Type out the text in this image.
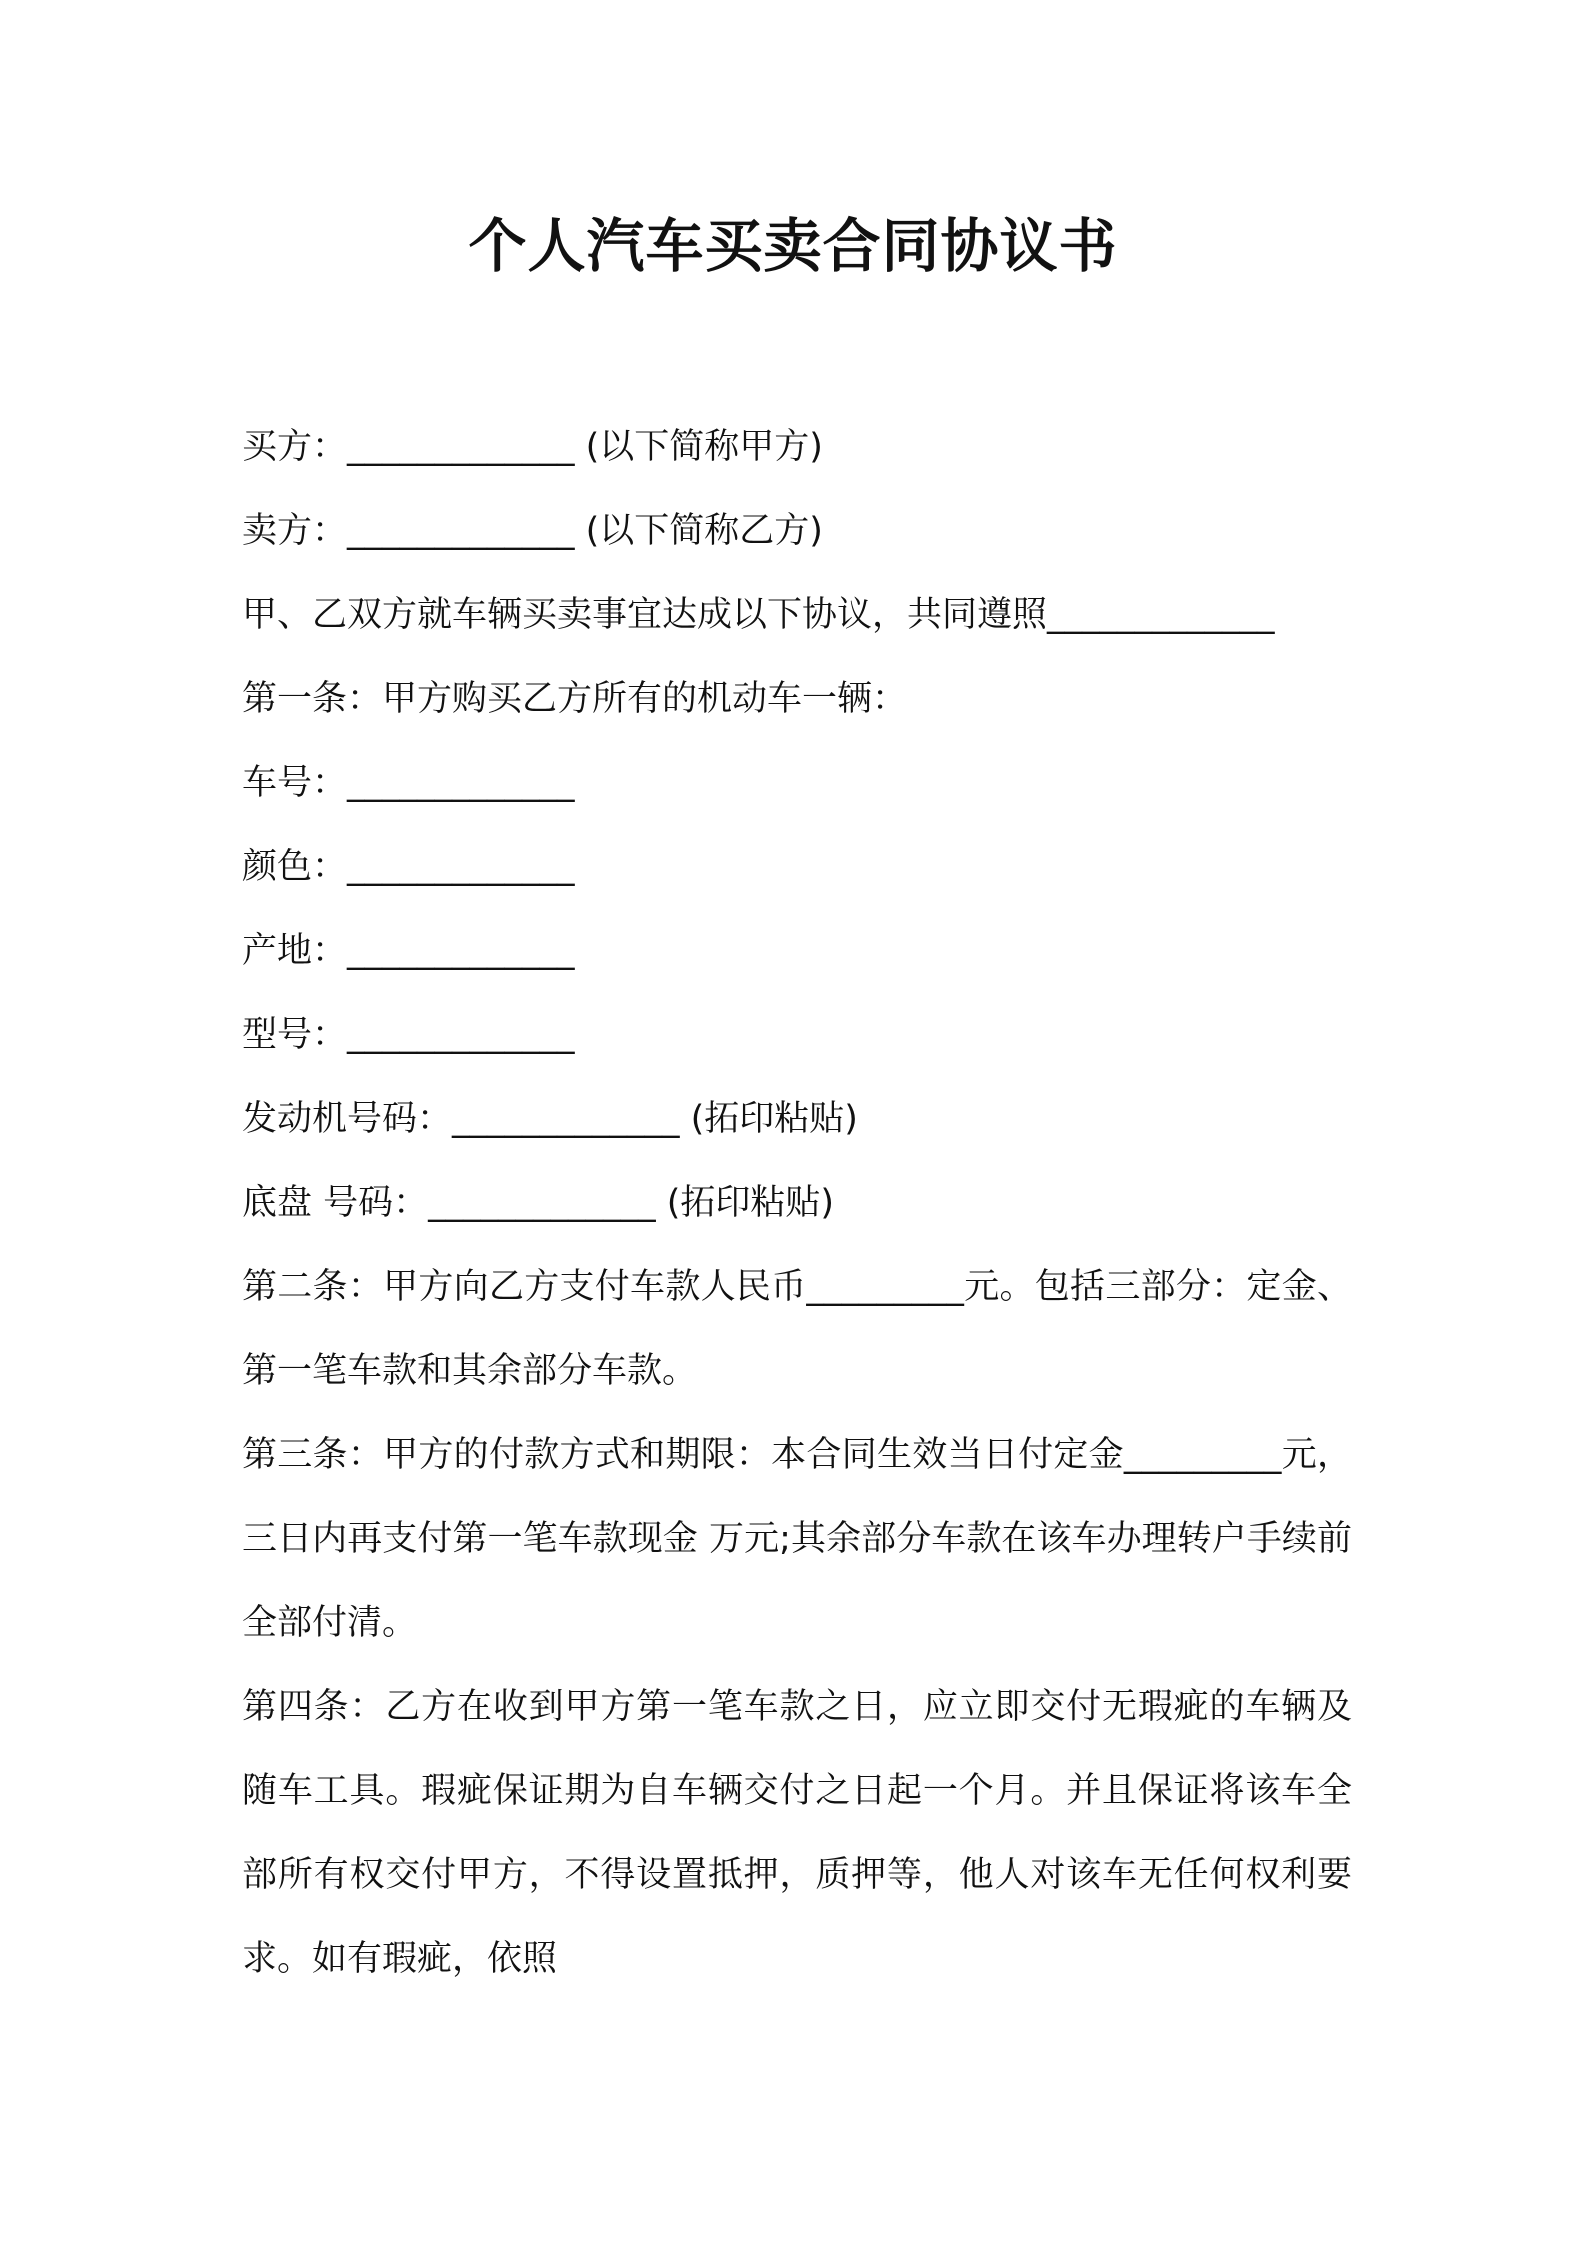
个人汽车买卖合同协议书
买方：_____________ (以下简称甲方)
卖方：_____________ (以下简称乙方)
甲、乙双方就车辆买卖事宜达成以下协议，共同遵照_____________
第一条：甲方购买乙方所有的机动车一辆：
车号：_____________
颜色：_____________
产地：_____________
型号：_____________
发动机号码：_____________ (拓印粘贴)
底盘 号码：_____________ (拓印粘贴)
第二条：甲方向乙方支付车款人民币_________元。包括三部分：定金、第一笔车款和其余部分车款。
第三条：甲方的付款方式和期限：本合同生效当日付定金_________元，三日内再支付第一笔车款现金 万元;其余部分车款在该车办理转户手续前全部付清。
第四条：乙方在收到甲方第一笔车款之日，应立即交付无瑕疵的车辆及随车工具。瑕疵保证期为自车辆交付之日起一个月。并且保证将该车全部所有权交付甲方，不得设置抵押，质押等，他人对该车无任何权利要求。如有瑕疵，依照
